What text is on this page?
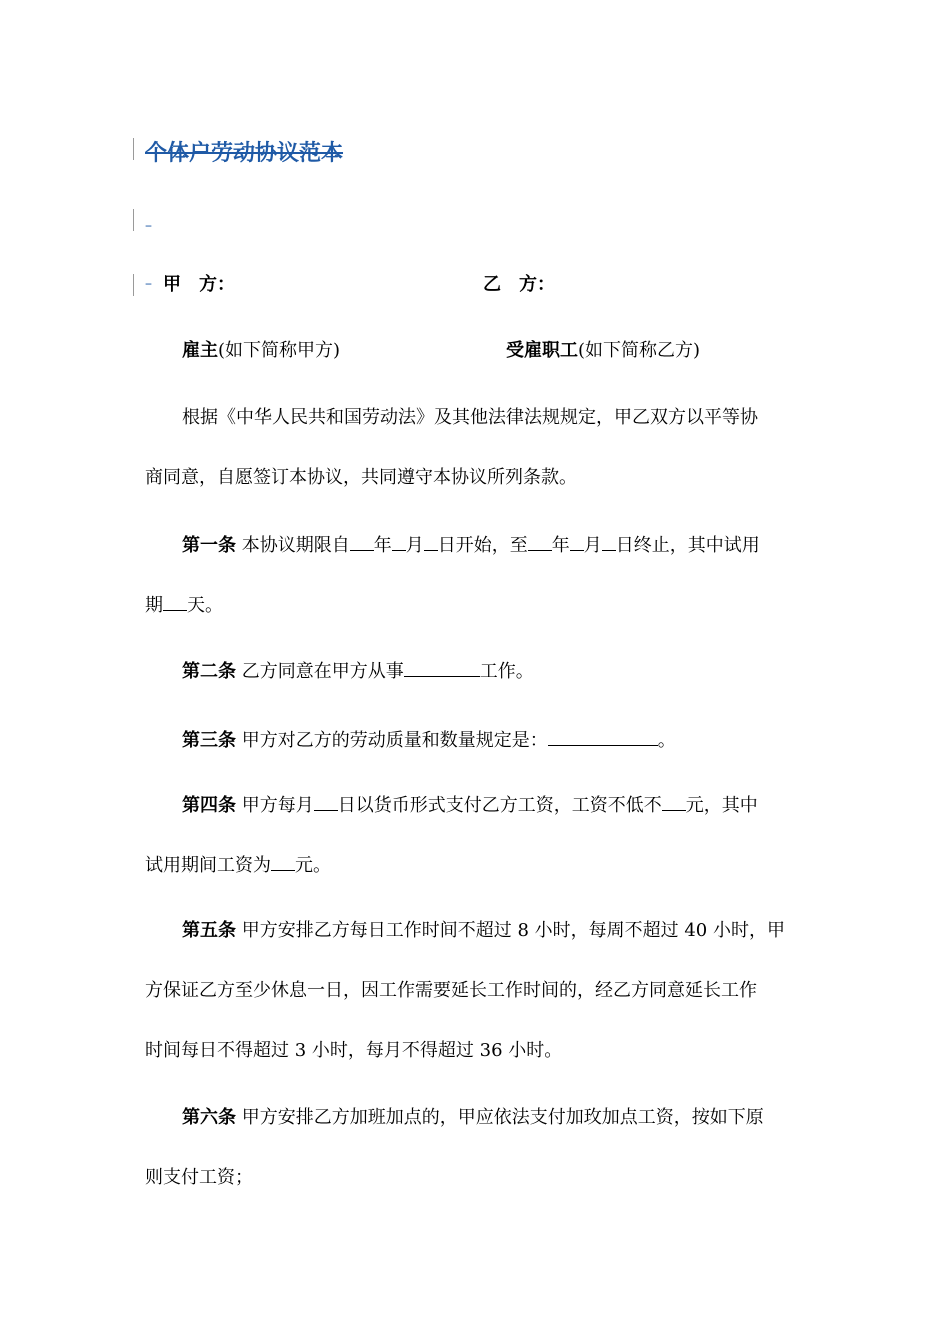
个体户劳动协议范本
–
– 甲　方：	乙　方：
雇主(如下简称甲方)	受雇职工(如下简称乙方)
根据《中华人民共和国劳动法》及其他法律法规规定，甲乙双方以平等协
商同意，自愿签订本协议，共同遵守本协议所列条款。
第一条 本协议期限自 年 月 日开始，至 年 月 日终止，其中试用
期 天。
第二条 乙方同意在甲方从事	工作。
第三条 甲方对乙方的劳动质量和数量规定是：	。
第四条 甲方每月 日以货币形式支付乙方工资，工资不低不 元，其中
试用期间工资为 元。
第五条 甲方安排乙方每日工作时间不超过 8 小时，每周不超过 40 小时，甲
方保证乙方至少休息一日，因工作需要延长工作时间的，经乙方同意延长工作
时间每日不得超过 3 小时，每月不得超过 36 小时。
第六条 甲方安排乙方加班加点的，甲应依法支付加玫加点工资，按如下原
则支付工资；
